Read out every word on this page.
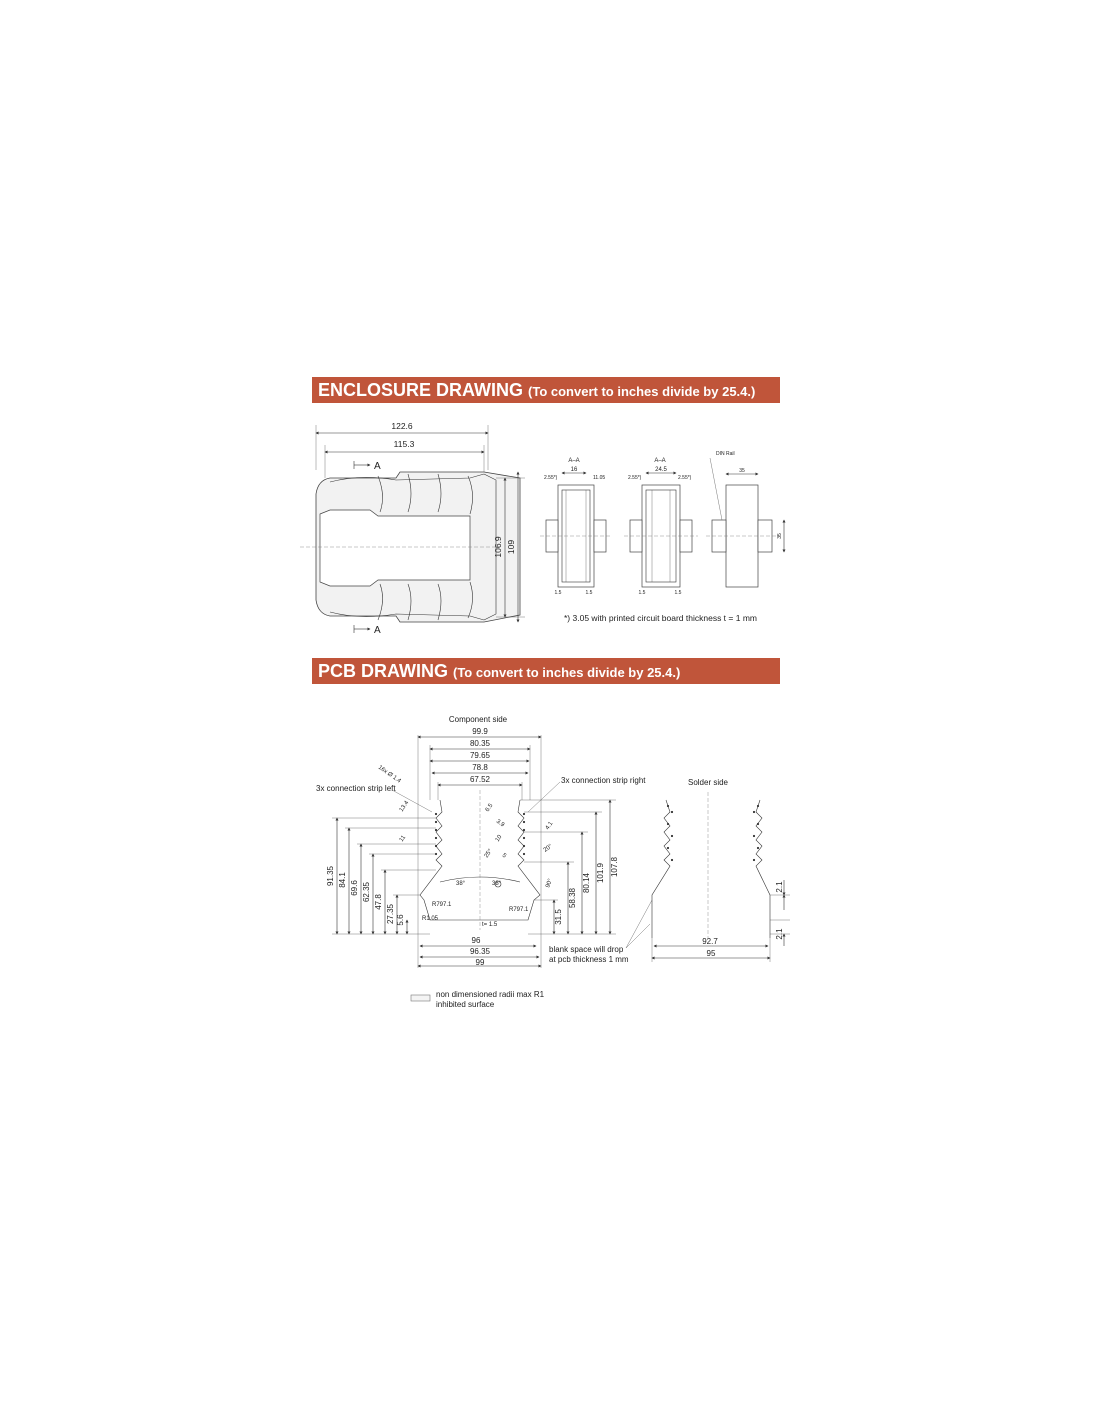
ENCLOSURE DRAWING (To convert to inches divide by 25.4.)
PCB DRAWING (To convert to inches divide by 25.4.)
122.6
115.3
A
A
106.9 109
A–A
16
2.55*)	11.05
1.5	1.5
A–A
24.5
2.55*)	2.55*)
1.5	1.5
DIN Rail
35
35
*) 3.05 with printed circuit board thickness t = 1 mm
Component side
99.9
80.35
79.65
78.8
67.52
3x connection strip left
3x connection strip right
91.35 84.1
69.6 62.35 47.8
27.35 5.6	31.5
58.38
80.14 101.9 107.8
16x Ø 1.4
13.4
11
6.5
3.9
10
25° 5
4.1
20°
38°	38°	90°
R797.1
R797.1
R1.05
t= 1.5
96
96.35
99
Solder side
2.1
2.1
92.7
95
blank space will drop
at pcb thickness 1 mm
non dimensioned radii max R1
inhibited surface
